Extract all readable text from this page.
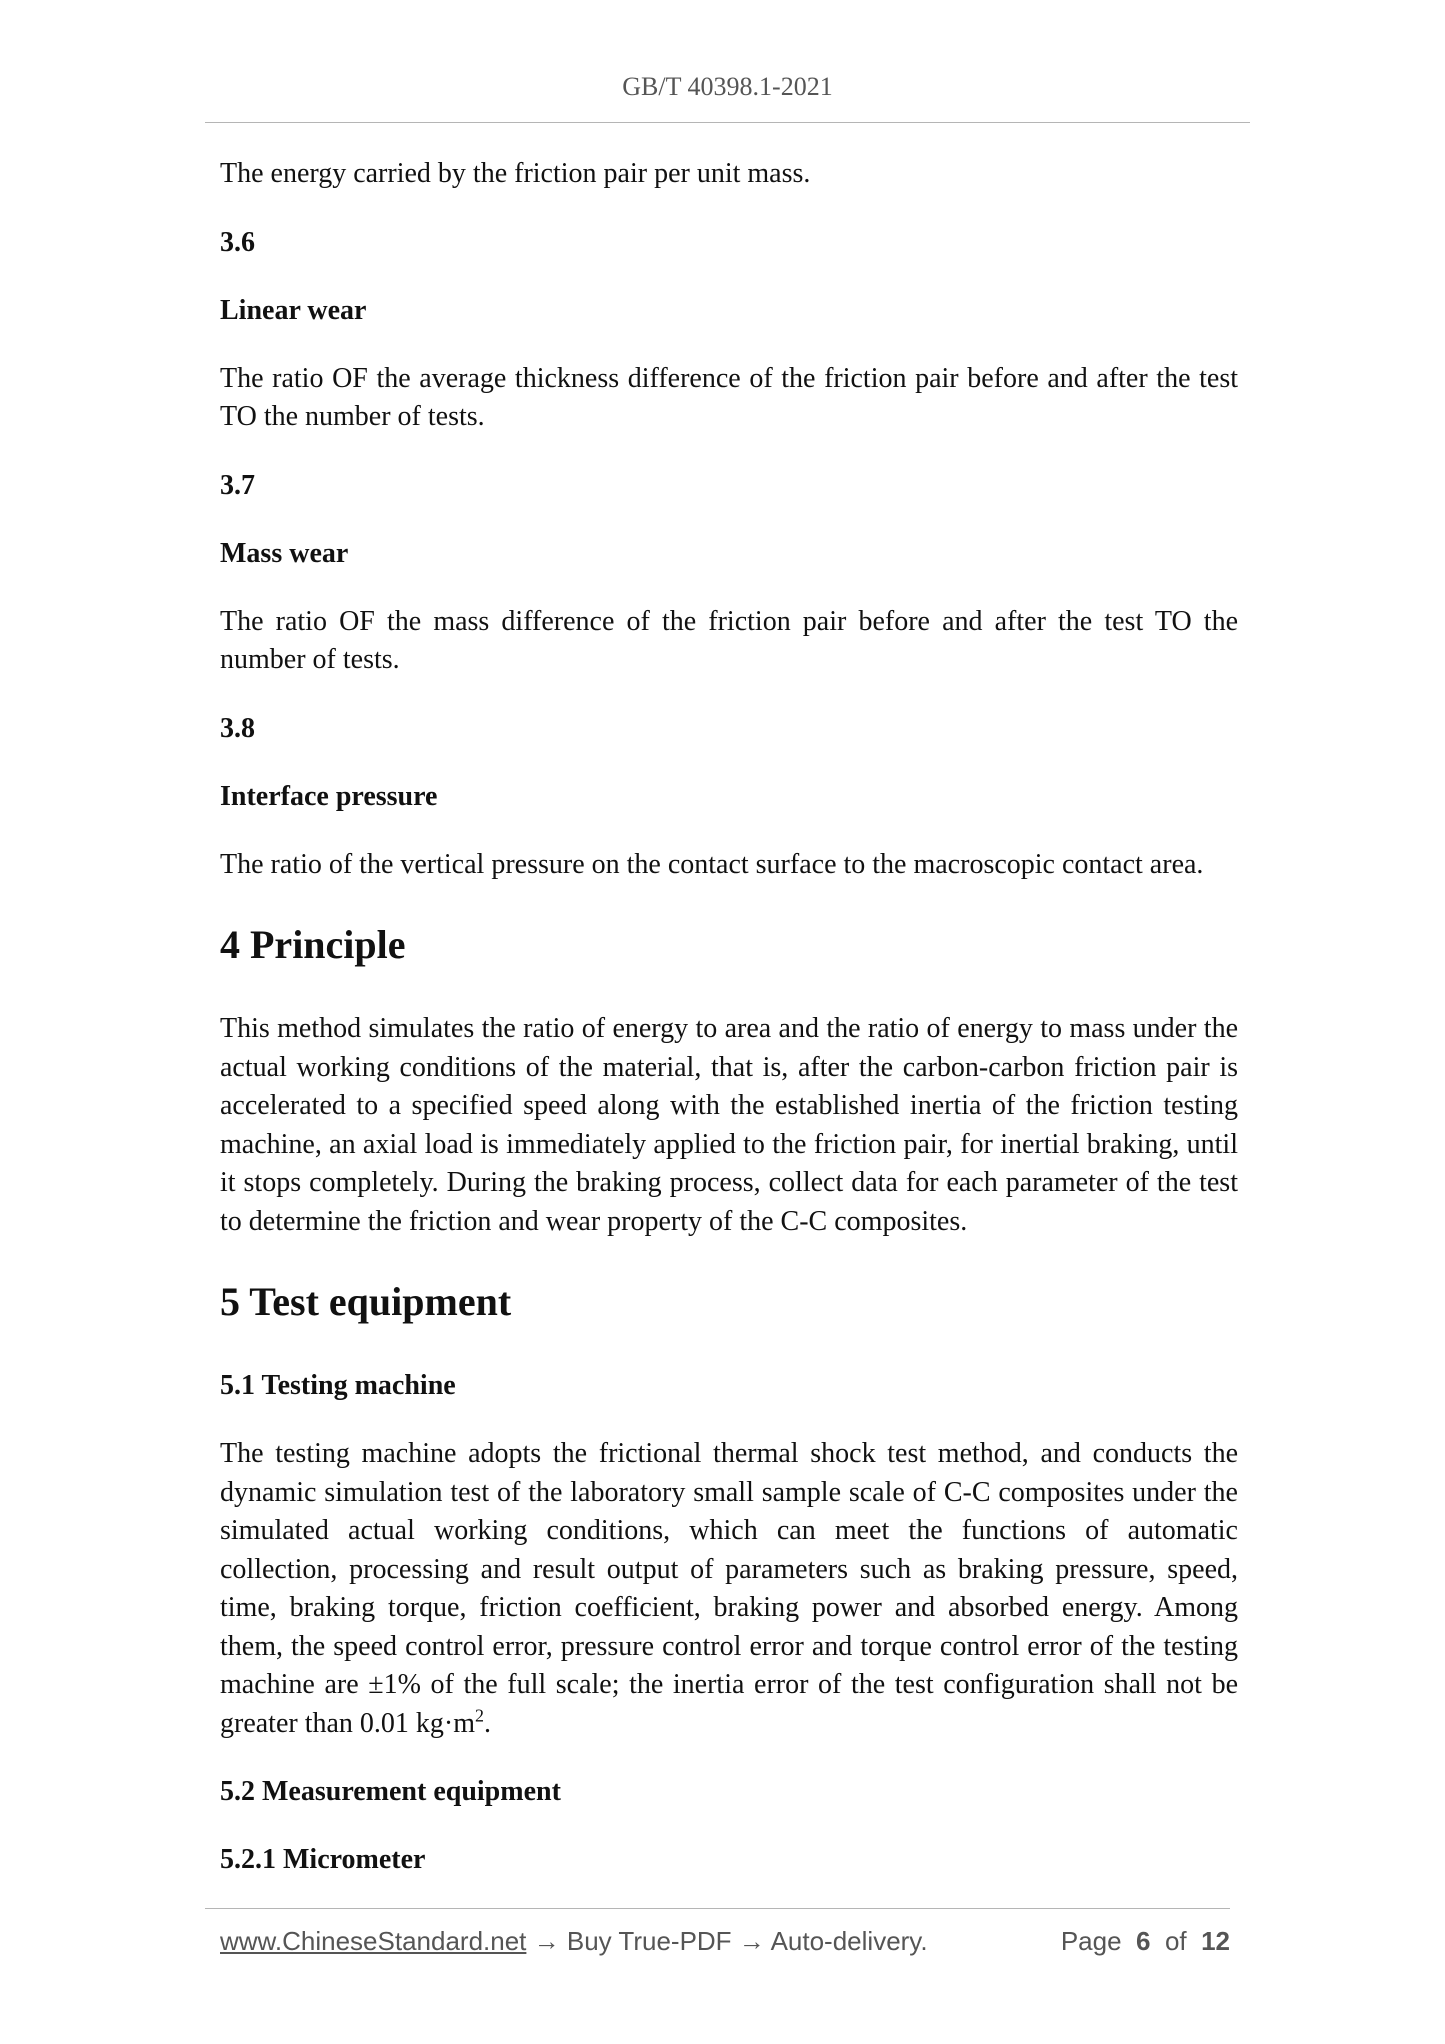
GB/T 40398.1-2021

The energy carried by the friction pair per unit mass.

3.6
Linear wear

The ratio OF the average thickness difference of the friction pair before and after the test TO the number of tests.

3.7
Mass wear

The ratio OF the mass difference of the friction pair before and after the test TO the number of tests.

3.8
Interface pressure

The ratio of the vertical pressure on the contact surface to the macroscopic contact area.

4 Principle

This method simulates the ratio of energy to area and the ratio of energy to mass under the actual working conditions of the material, that is, after the carbon-carbon friction pair is accelerated to a specified speed along with the established inertia of the friction testing machine, an axial load is immediately applied to the friction pair, for inertial braking, until it stops completely. During the braking process, collect data for each parameter of the test to determine the friction and wear property of the C-C composites.

5 Test equipment
5.1 Testing machine

The testing machine adopts the frictional thermal shock test method, and conducts the dynamic simulation test of the laboratory small sample scale of C-C composites under the simulated actual working conditions, which can meet the functions of automatic collection, processing and result output of parameters such as braking pressure, speed, time, braking torque, friction coefficient, braking power and absorbed energy. Among them, the speed control error, pressure control error and torque control error of the testing machine are ±1% of the full scale; the inertia error of the test configuration shall not be greater than 0.01 $kg\cdot m^2$.

5.2 Measurement equipment
5.2.1 Micrometer
www.ChineseStandard.net → Buy True-PDF → Auto-delivery.	Page 6 of 12
